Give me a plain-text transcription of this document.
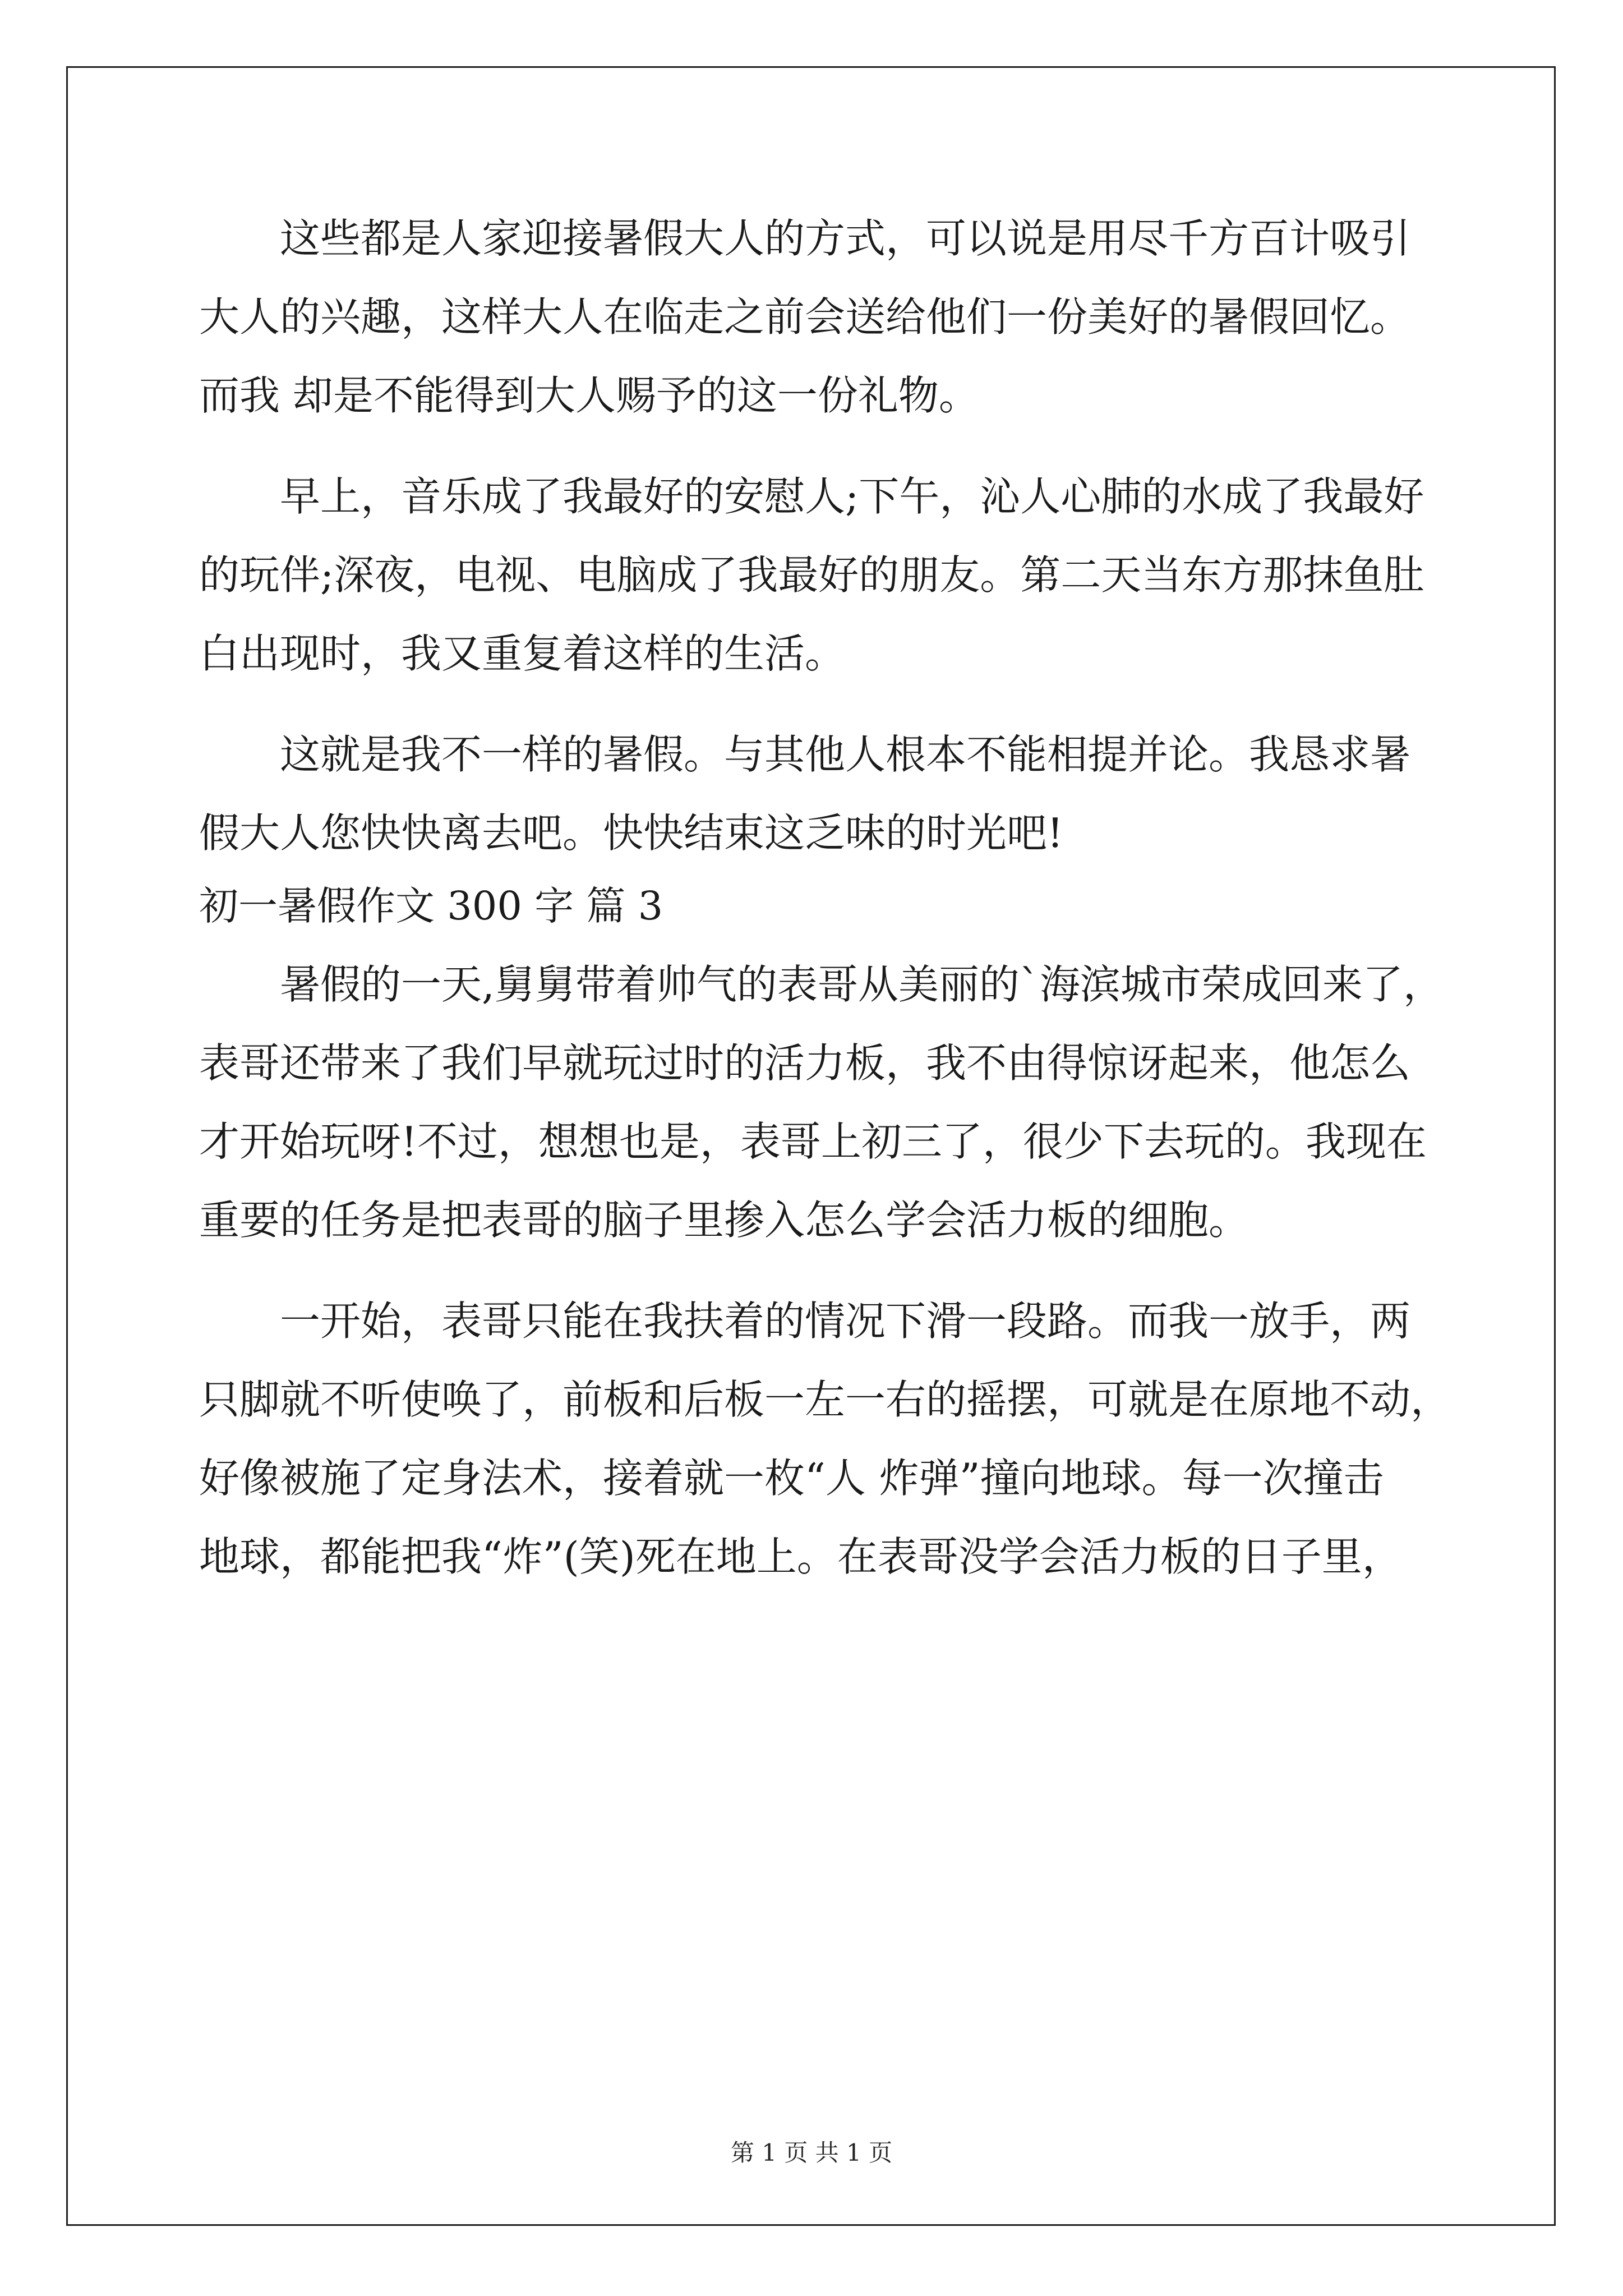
　　这些都是人家迎接暑假大人的方式，可以说是用尽千方百计吸引
大人的兴趣，这样大人在临走之前会送给他们一份美好的暑假回忆。
而我 却是不能得到大人赐予的这一份礼物。
　　早上，音乐成了我最好的安慰人;下午，沁人心肺的水成了我最好
的玩伴;深夜，电视、电脑成了我最好的朋友。第二天当东方那抹鱼肚
白出现时，我又重复着这样的生活。
　　这就是我不一样的暑假。与其他人根本不能相提并论。我恳求暑
假大人您快快离去吧。快快结束这乏味的时光吧!
初一暑假作文 300 字 篇 3
　　暑假的一天,舅舅带着帅气的表哥从美丽的`海滨城市荣成回来了，
表哥还带来了我们早就玩过时的活力板，我不由得惊讶起来，他怎么
才开始玩呀!不过，想想也是，表哥上初三了，很少下去玩的。我现在
重要的任务是把表哥的脑子里掺入怎么学会活力板的细胞。
　　一开始，表哥只能在我扶着的情况下滑一段路。而我一放手，两
只脚就不听使唤了，前板和后板一左一右的摇摆，可就是在原地不动，
好像被施了定身法术，接着就一枚“人 炸弹”撞向地球。每一次撞击
地球，都能把我“炸”(笑)死在地上。在表哥没学会活力板的日子里，
第 1 页 共 1 页
